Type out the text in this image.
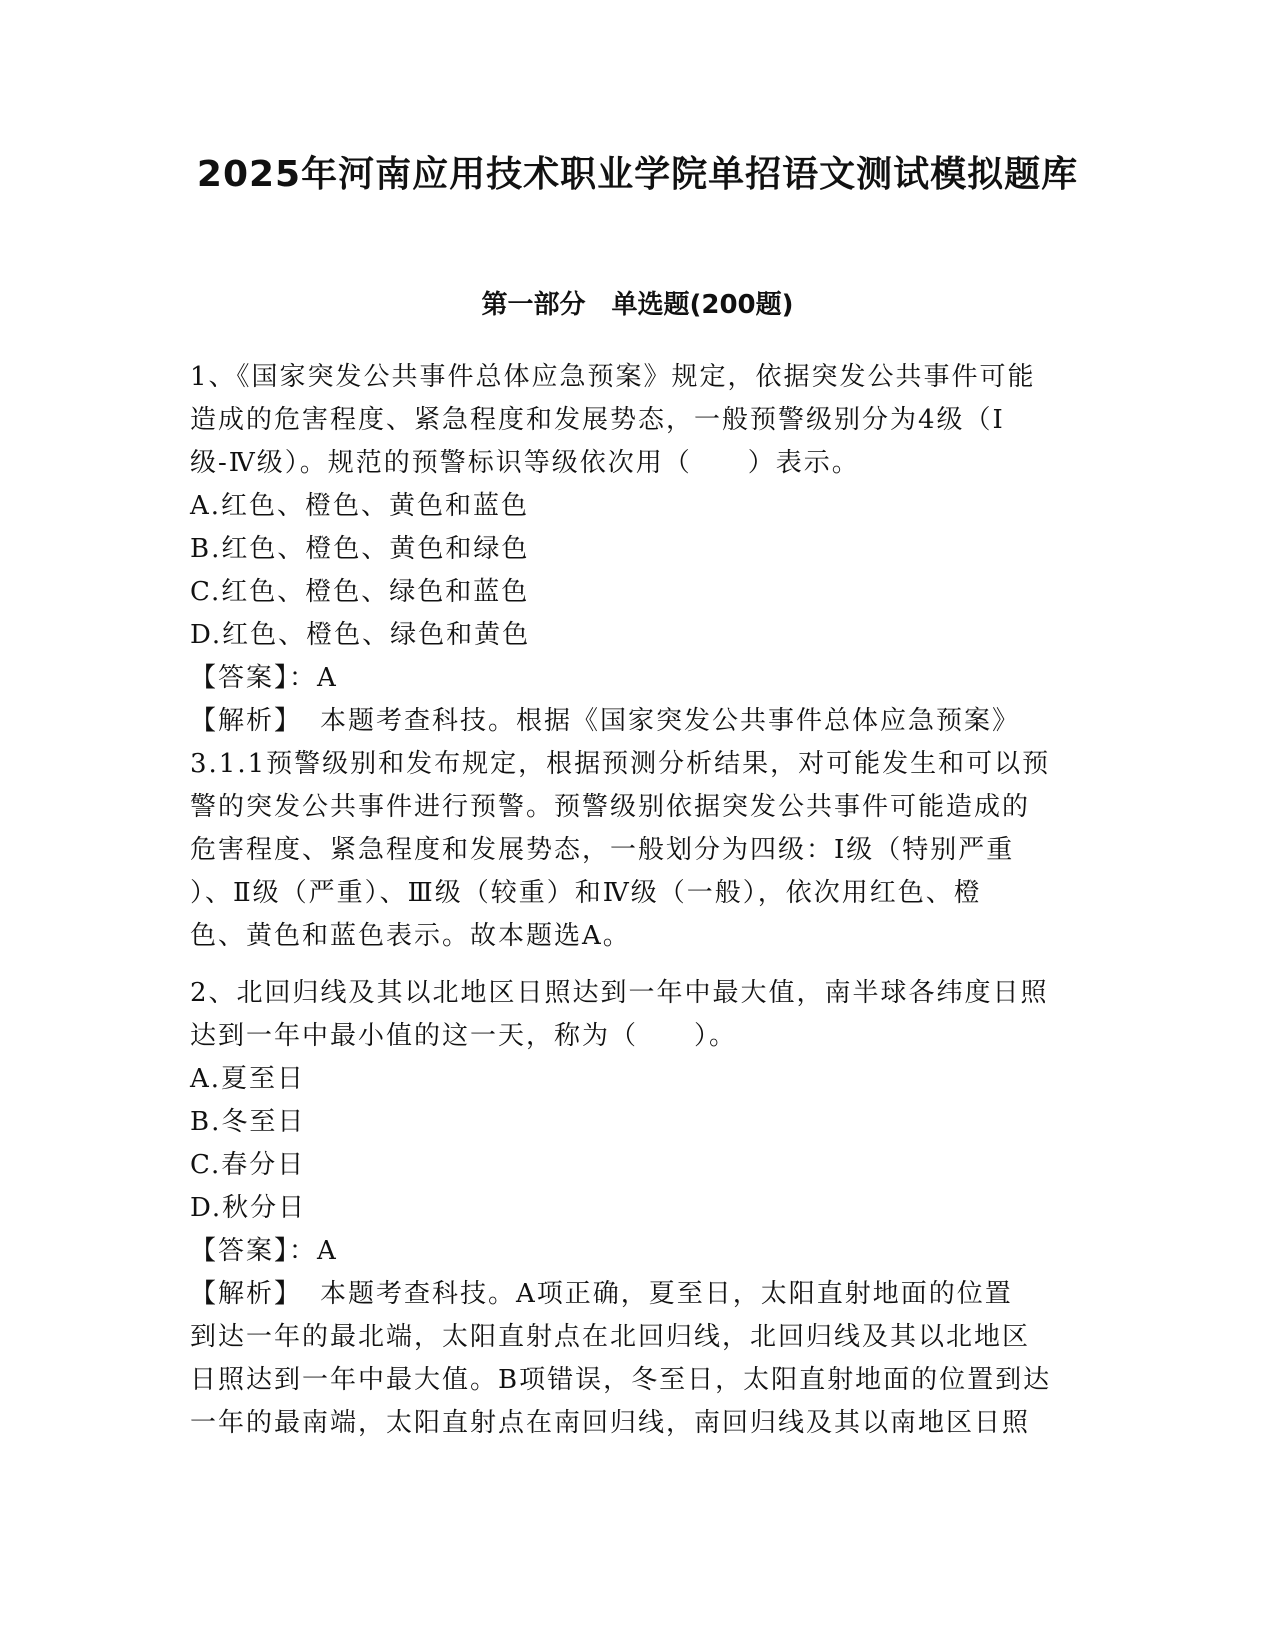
2025年河南应用技术职业学院单招语文测试模拟题库
第一部分　单选题(200题)

1、《国家突发公共事件总体应急预案》规定，依据突发公共事件可能

造成的危害程度、紧急程度和发展势态，一般预警级别分为4级（Ⅰ

级-Ⅳ级）。规范的预警标识等级依次用（　　）表示。

A.红色、橙色、黄色和蓝色

B.红色、橙色、黄色和绿色

C.红色、橙色、绿色和蓝色

D.红色、橙色、绿色和黄色

【答案】：A

【解析】 本题考查科技。根据《国家突发公共事件总体应急预案》

3.1.1预警级别和发布规定，根据预测分析结果，对可能发生和可以预

警的突发公共事件进行预警。预警级别依据突发公共事件可能造成的

危害程度、紧急程度和发展势态，一般划分为四级：Ⅰ级（特别严重

）、Ⅱ级（严重）、Ⅲ级（较重）和Ⅳ级（一般），依次用红色、橙

色、黄色和蓝色表示。故本题选A。

2、北回归线及其以北地区日照达到一年中最大值，南半球各纬度日照

达到一年中最小值的这一天，称为（　　）。

A.夏至日

B.冬至日

C.春分日

D.秋分日

【答案】：A

【解析】 本题考查科技。A项正确，夏至日，太阳直射地面的位置

到达一年的最北端，太阳直射点在北回归线，北回归线及其以北地区

日照达到一年中最大值。B项错误，冬至日，太阳直射地面的位置到达

一年的最南端，太阳直射点在南回归线，南回归线及其以南地区日照
